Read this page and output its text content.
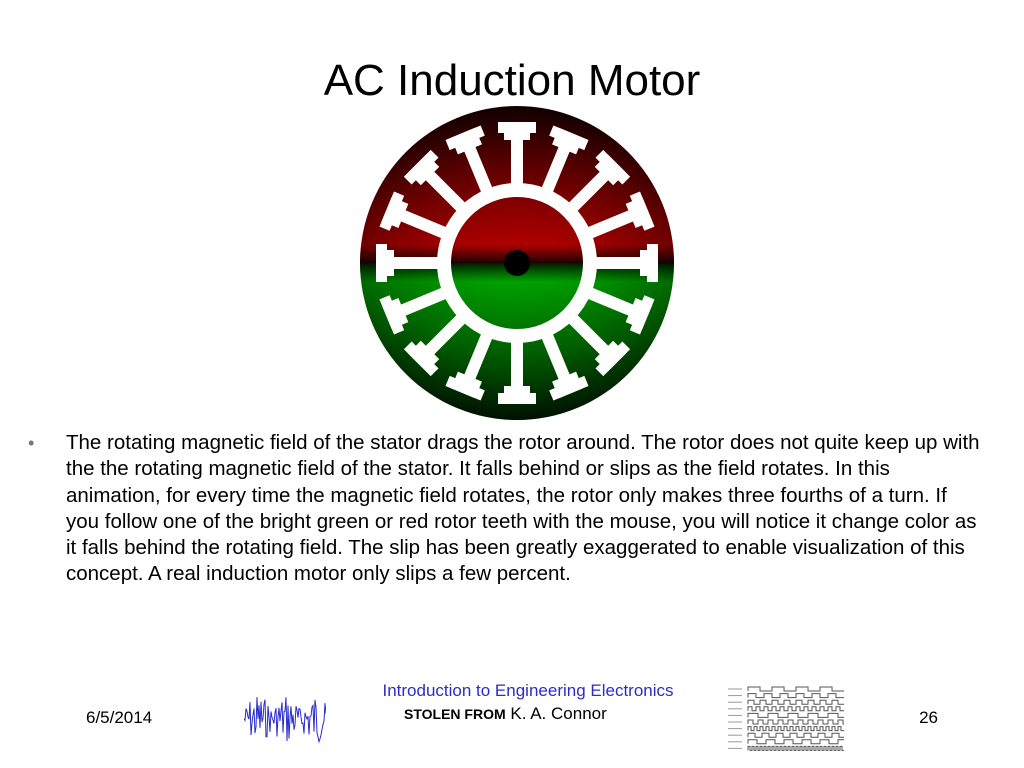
AC Induction Motor
• The rotating magnetic field of the stator drags the rotor around. The rotor does not quite keep up with the the rotating magnetic field of the stator. It falls behind or slips as the field rotates. In this animation, for every time the magnetic field rotates, the rotor only makes three fourths of a turn. If you follow one of the bright green or red rotor teeth with the mouse, you will notice it change color as it falls behind the rotating field. The slip has been greatly exaggerated to enable visualization of this concept. A real induction motor only slips a few percent.
6/5/2014
Introduction to Engineering Electronics
STOLEN FROM K. A. Connor	26
